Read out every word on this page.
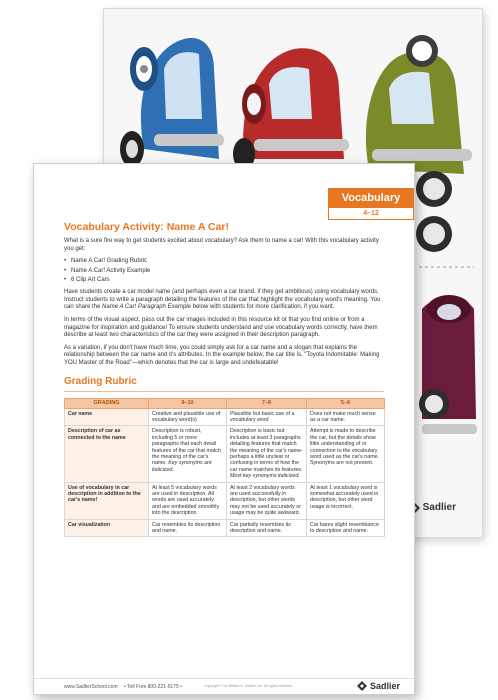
Sadlier
Vocabulary
4–12
Vocabulary Activity: Name A Car!

What is a sure fire way to get students excited about vocabulary? Ask them to name a car! With this vocabulary activity you get:

• Name A Car! Grading Rubric
• Name A Car! Activity Example
• 6 Clip Art Cars

Have students create a car model name (and perhaps even a car brand, if they get ambitious) using vocabulary words. Instruct students to write a paragraph detailing the features of the car that highlight the vocabulary word's meaning. You can share the Name A Car! Paragraph Example below with students for more clarification, if you want.

In terms of the visual aspect, pass out the car images included in this resource kit or that you find online or from a magazine for inspiration and guidance! To ensure students understand and use vocabulary words correctly, have them describe at least two characteristics of the car they were assigned in their description paragraph.

As a variation, if you don't have much time, you could simply ask for a car name and a slogan that explains the relationship between the car name and it's attributes. In the example below, the car title is, "Toyota Indomitable: Making YOU Master of the Road"—which denotes that the car is large and undefeatable!

Grading Rubric
GRADING	9–10	7–8	5–6
Car name	Creative and plausible use of vocabulary word(s)	Plausible but basic use of a vocabulary word	Does not make much sense as a car name.
Description of car as connected to the name	Description is robust, including 5 or more paragraphs that each detail features of the car that match the meaning of the car's name. Key synonyms are italicized.	Description is basic but includes at least 3 paragraphs detailing features that match the meaning of the car's name-perhaps a little unclear or confusing in terms of how the car name matches its features. Most key synonyms italicized.	Attempt is made to describe the car, but the details show little understanding of or connection to the vocabulary word used as the car's name. Synonyms are not present.
Use of vocabulary in car description in addition to the car's name!	At least 5 vocabulary words are used in description. All words are used accurately and are embedded smoothly into the description.	At least 2 vocabulary words are used successfully in description, but other words may not be used accurately or usage may be quite awkward.	At least 1 vocabulary word is somewhat accurately used in description, but other word usage is incorrect.
Car visualization	Car resembles its description and name.	Car partially resembles its description and name.	Car bares slight resemblance to description and name.
www.SadlierSchool.com • Toll Free 800-221-5175 •	Copyright © by William H. Sadlier, Inc. All rights reserved.	Sadlier
